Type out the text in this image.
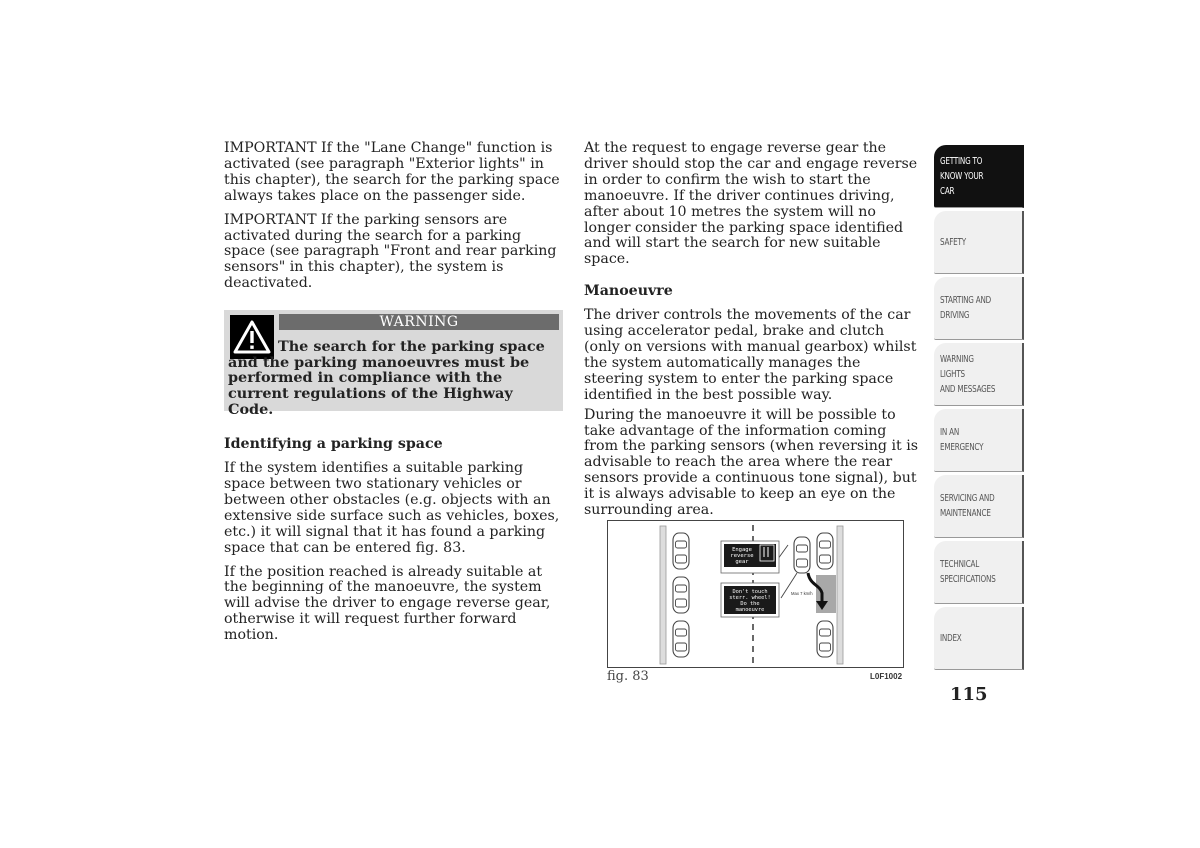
IMPORTANT If the "Lane Change" function is activated (see paragraph "Exterior lights" in this chapter), the search for the parking space always takes place on the passenger side.

IMPORTANT If the parking sensors are activated during the search for a parking space (see paragraph "Front and rear parking sensors" in this chapter), the system is deactivated.

WARNING
The search for the parking space and the parking manoeuvres must be performed in compliance with the current regulations of the Highway Code.

Identifying a parking space

If the system identifies a suitable parking space between two stationary vehicles or between other obstacles (e.g. objects with an extensive side surface such as vehicles, boxes, etc.) it will signal that it has found a parking space that can be entered fig. 83.

If the position reached is already suitable at the beginning of the manoeuvre, the system will advise the driver to engage reverse gear, otherwise it will request further forward motion.

At the request to engage reverse gear the driver should stop the car and engage reverse in order to confirm the wish to start the manoeuvre. If the driver continues driving, after about 10 metres the system will no longer consider the parking space identified and will start the search for new suitable space.

Manoeuvre

The driver controls the movements of the car using accelerator pedal, brake and clutch (only on versions with manual gearbox) whilst the system automatically manages the steering system to enter the parking space identified in the best possible way.

During the manoeuvre it will be possible to take advantage of the information coming from the parking sensors (when reversing it is advisable to reach the area where the rear sensors provide a continuous tone signal), but it is always advisable to keep an eye on the surrounding area.

Engage
reverse
gear
Don't touch
sterr. wheel!
Do the
manoeuvre
Max 7 km/h
fig. 83	L0F1002
GETTING TO
KNOW YOUR CAR
SAFETY
STARTING AND
DRIVING
WARNING LIGHTS
AND MESSAGES
IN AN EMERGENCY
SERVICING AND
MAINTENANCE
TECHNICAL
SPECIFICATIONS
INDEX
115
